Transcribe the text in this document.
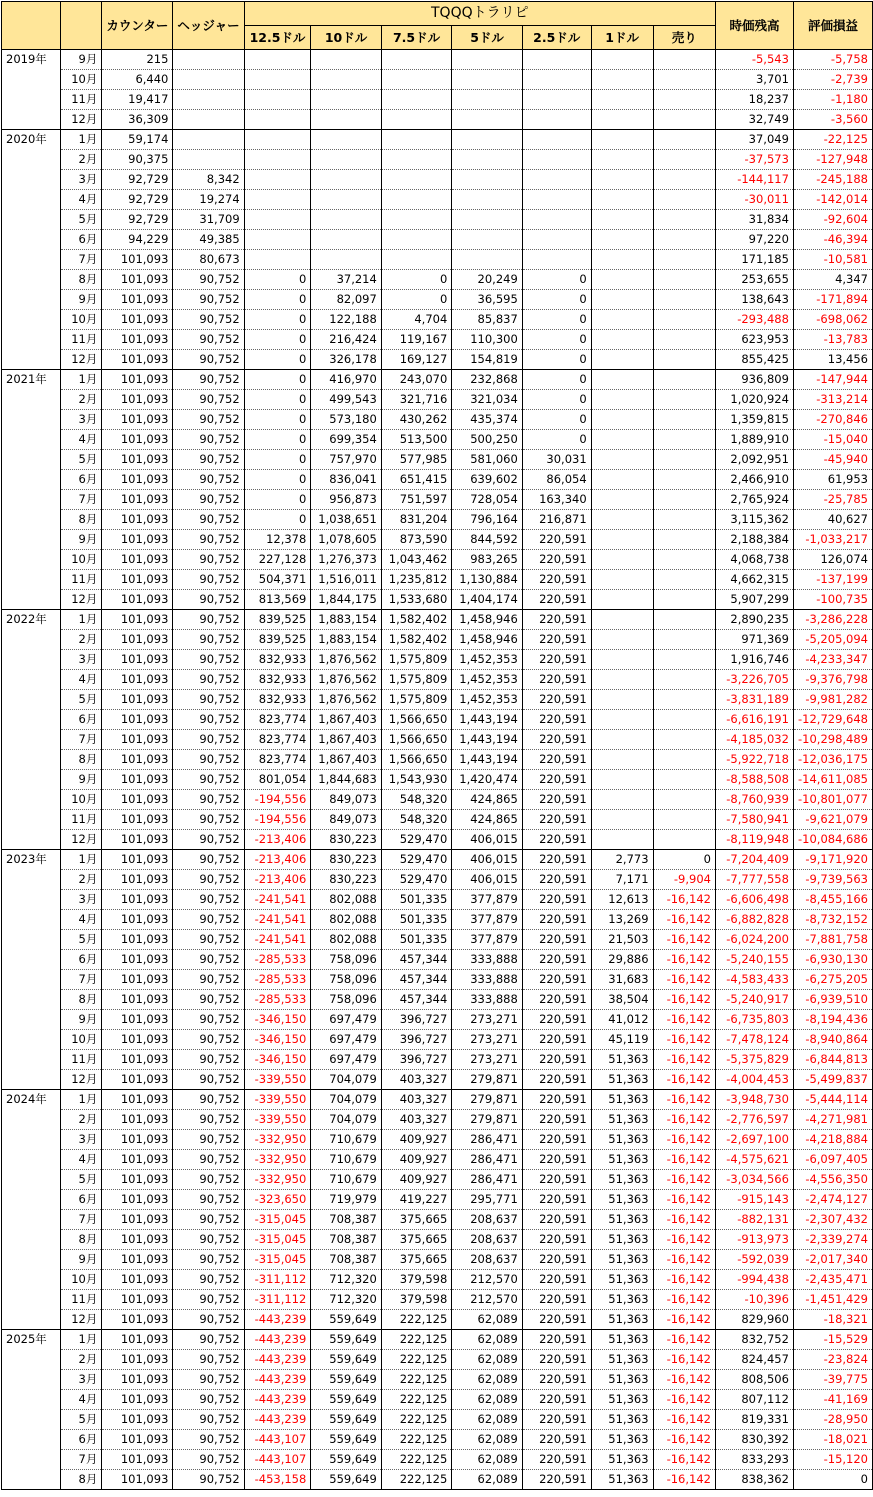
		カウンター	ヘッジャー	TQQQトラリピ							時価残高	評価損益
				12.5ドル	10ドル	7.5ドル	5ドル	2.5ドル	1ドル	売り		
2019年	9月	215									-5,543	-5,758
	10月	6,440									3,701	-2,739
	11月	19,417									18,237	-1,180
	12月	36,309									32,749	-3,560
2020年	1月	59,174									37,049	-22,125
	2月	90,375									-37,573	-127,948
	3月	92,729	8,342								-144,117	-245,188
	4月	92,729	19,274								-30,011	-142,014
	5月	92,729	31,709								31,834	-92,604
	6月	94,229	49,385								97,220	-46,394
	7月	101,093	80,673								171,185	-10,581
	8月	101,093	90,752	0	37,214	0	20,249	0			253,655	4,347
	9月	101,093	90,752	0	82,097	0	36,595	0			138,643	-171,894
	10月	101,093	90,752	0	122,188	4,704	85,837	0			-293,488	-698,062
	11月	101,093	90,752	0	216,424	119,167	110,300	0			623,953	-13,783
	12月	101,093	90,752	0	326,178	169,127	154,819	0			855,425	13,456
2021年	1月	101,093	90,752	0	416,970	243,070	232,868	0			936,809	-147,944
	2月	101,093	90,752	0	499,543	321,716	321,034	0			1,020,924	-313,214
	3月	101,093	90,752	0	573,180	430,262	435,374	0			1,359,815	-270,846
	4月	101,093	90,752	0	699,354	513,500	500,250	0			1,889,910	-15,040
	5月	101,093	90,752	0	757,970	577,985	581,060	30,031			2,092,951	-45,940
	6月	101,093	90,752	0	836,041	651,415	639,602	86,054			2,466,910	61,953
	7月	101,093	90,752	0	956,873	751,597	728,054	163,340			2,765,924	-25,785
	8月	101,093	90,752	0	1,038,651	831,204	796,164	216,871			3,115,362	40,627
	9月	101,093	90,752	12,378	1,078,605	873,590	844,592	220,591			2,188,384	-1,033,217
	10月	101,093	90,752	227,128	1,276,373	1,043,462	983,265	220,591			4,068,738	126,074
	11月	101,093	90,752	504,371	1,516,011	1,235,812	1,130,884	220,591			4,662,315	-137,199
	12月	101,093	90,752	813,569	1,844,175	1,533,680	1,404,174	220,591			5,907,299	-100,735
2022年	1月	101,093	90,752	839,525	1,883,154	1,582,402	1,458,946	220,591			2,890,235	-3,286,228
	2月	101,093	90,752	839,525	1,883,154	1,582,402	1,458,946	220,591			971,369	-5,205,094
	3月	101,093	90,752	832,933	1,876,562	1,575,809	1,452,353	220,591			1,916,746	-4,233,347
	4月	101,093	90,752	832,933	1,876,562	1,575,809	1,452,353	220,591			-3,226,705	-9,376,798
	5月	101,093	90,752	832,933	1,876,562	1,575,809	1,452,353	220,591			-3,831,189	-9,981,282
	6月	101,093	90,752	823,774	1,867,403	1,566,650	1,443,194	220,591			-6,616,191	-12,729,648
	7月	101,093	90,752	823,774	1,867,403	1,566,650	1,443,194	220,591			-4,185,032	-10,298,489
	8月	101,093	90,752	823,774	1,867,403	1,566,650	1,443,194	220,591			-5,922,718	-12,036,175
	9月	101,093	90,752	801,054	1,844,683	1,543,930	1,420,474	220,591			-8,588,508	-14,611,085
	10月	101,093	90,752	-194,556	849,073	548,320	424,865	220,591			-8,760,939	-10,801,077
	11月	101,093	90,752	-194,556	849,073	548,320	424,865	220,591			-7,580,941	-9,621,079
	12月	101,093	90,752	-213,406	830,223	529,470	406,015	220,591			-8,119,948	-10,084,686
2023年	1月	101,093	90,752	-213,406	830,223	529,470	406,015	220,591	2,773	0	-7,204,409	-9,171,920
	2月	101,093	90,752	-213,406	830,223	529,470	406,015	220,591	7,171	-9,904	-7,777,558	-9,739,563
	3月	101,093	90,752	-241,541	802,088	501,335	377,879	220,591	12,613	-16,142	-6,606,498	-8,455,166
	4月	101,093	90,752	-241,541	802,088	501,335	377,879	220,591	13,269	-16,142	-6,882,828	-8,732,152
	5月	101,093	90,752	-241,541	802,088	501,335	377,879	220,591	21,503	-16,142	-6,024,200	-7,881,758
	6月	101,093	90,752	-285,533	758,096	457,344	333,888	220,591	29,886	-16,142	-5,240,155	-6,930,130
	7月	101,093	90,752	-285,533	758,096	457,344	333,888	220,591	31,683	-16,142	-4,583,433	-6,275,205
	8月	101,093	90,752	-285,533	758,096	457,344	333,888	220,591	38,504	-16,142	-5,240,917	-6,939,510
	9月	101,093	90,752	-346,150	697,479	396,727	273,271	220,591	41,012	-16,142	-6,735,803	-8,194,436
	10月	101,093	90,752	-346,150	697,479	396,727	273,271	220,591	45,119	-16,142	-7,478,124	-8,940,864
	11月	101,093	90,752	-346,150	697,479	396,727	273,271	220,591	51,363	-16,142	-5,375,829	-6,844,813
	12月	101,093	90,752	-339,550	704,079	403,327	279,871	220,591	51,363	-16,142	-4,004,453	-5,499,837
2024年	1月	101,093	90,752	-339,550	704,079	403,327	279,871	220,591	51,363	-16,142	-3,948,730	-5,444,114
	2月	101,093	90,752	-339,550	704,079	403,327	279,871	220,591	51,363	-16,142	-2,776,597	-4,271,981
	3月	101,093	90,752	-332,950	710,679	409,927	286,471	220,591	51,363	-16,142	-2,697,100	-4,218,884
	4月	101,093	90,752	-332,950	710,679	409,927	286,471	220,591	51,363	-16,142	-4,575,621	-6,097,405
	5月	101,093	90,752	-332,950	710,679	409,927	286,471	220,591	51,363	-16,142	-3,034,566	-4,556,350
	6月	101,093	90,752	-323,650	719,979	419,227	295,771	220,591	51,363	-16,142	-915,143	-2,474,127
	7月	101,093	90,752	-315,045	708,387	375,665	208,637	220,591	51,363	-16,142	-882,131	-2,307,432
	8月	101,093	90,752	-315,045	708,387	375,665	208,637	220,591	51,363	-16,142	-913,973	-2,339,274
	9月	101,093	90,752	-315,045	708,387	375,665	208,637	220,591	51,363	-16,142	-592,039	-2,017,340
	10月	101,093	90,752	-311,112	712,320	379,598	212,570	220,591	51,363	-16,142	-994,438	-2,435,471
	11月	101,093	90,752	-311,112	712,320	379,598	212,570	220,591	51,363	-16,142	-10,396	-1,451,429
	12月	101,093	90,752	-443,239	559,649	222,125	62,089	220,591	51,363	-16,142	829,960	-18,321
2025年	1月	101,093	90,752	-443,239	559,649	222,125	62,089	220,591	51,363	-16,142	832,752	-15,529
	2月	101,093	90,752	-443,239	559,649	222,125	62,089	220,591	51,363	-16,142	824,457	-23,824
	3月	101,093	90,752	-443,239	559,649	222,125	62,089	220,591	51,363	-16,142	808,506	-39,775
	4月	101,093	90,752	-443,239	559,649	222,125	62,089	220,591	51,363	-16,142	807,112	-41,169
	5月	101,093	90,752	-443,239	559,649	222,125	62,089	220,591	51,363	-16,142	819,331	-28,950
	6月	101,093	90,752	-443,107	559,649	222,125	62,089	220,591	51,363	-16,142	830,392	-18,021
	7月	101,093	90,752	-443,107	559,649	222,125	62,089	220,591	51,363	-16,142	833,293	-15,120
	8月	101,093	90,752	-453,158	559,649	222,125	62,089	220,591	51,363	-16,142	838,362	0
